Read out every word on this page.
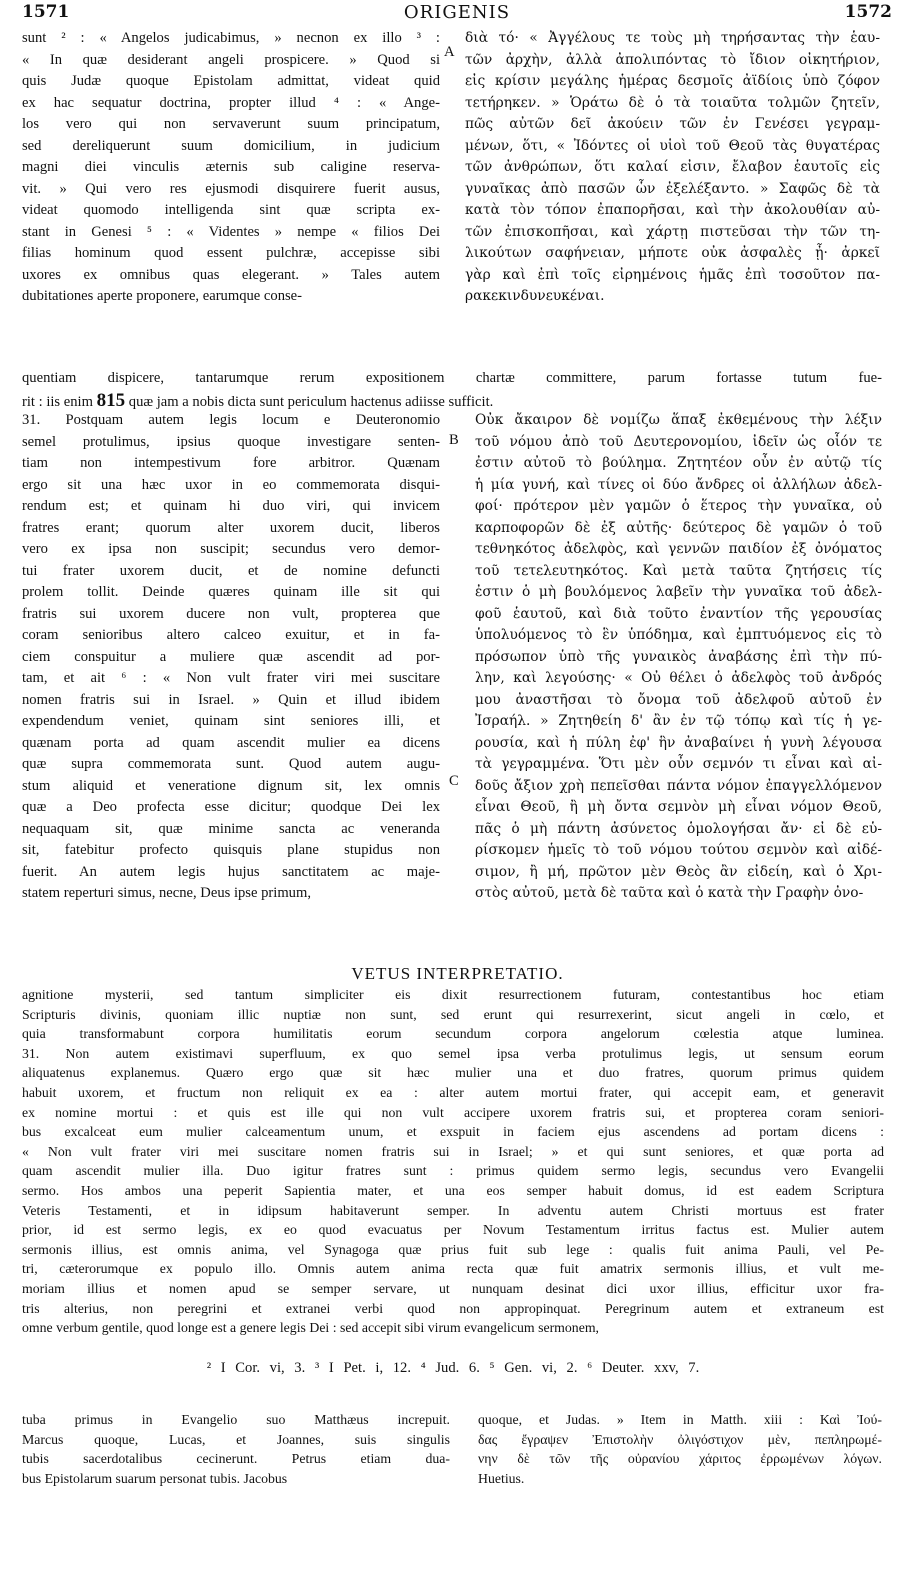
1571	ORIGENIS	1572
A
B
C
sunt ² : « Angelos judicabimus, » necnon ex illo ³ :
« In quæ desiderant angeli prospicere. » Quod si
quis Judæ quoque Epistolam admittat, videat quid
ex hac sequatur doctrina, propter illud ⁴ : « Ange-
los vero qui non servaverunt suum principatum,
sed dereliquerunt suum domicilium, in judicium
magni diei vinculis æternis sub caligine reserva-
vit. » Qui vero res ejusmodi disquirere fuerit ausus,
videat quomodo intelligenda sint quæ scripta ex-
stant in Genesi ⁵ : « Videntes » nempe « filios Dei
filias hominum quod essent pulchræ, accepisse sibi
uxores ex omnibus quas elegerant. » Tales autem
dubitationes aperte proponere, earumque conse-
διὰ τό· « Ἀγγέλους τε τοὺς μὴ τηρήσαντας τὴν ἑαυ-
τῶν ἀρχὴν, ἀλλὰ ἀπολιπόντας τὸ ἴδιον οἰκητήριον,
εἰς κρίσιν μεγάλης ἡμέρας δεσμοῖς ἀϊδίοις ὑπὸ ζόφον
τετήρηκεν. » Ὁράτω δὲ ὁ τὰ τοιαῦτα τολμῶν ζητεῖν,
πῶς αὐτῶν δεῖ ἀκούειν τῶν ἐν Γενέσει γεγραμ-
μένων, ὅτι, « Ἰδόντες οἱ υἱοὶ τοῦ Θεοῦ τὰς θυγατέρας
τῶν ἀνθρώπων, ὅτι καλαί εἰσιν, ἔλαβον ἑαυτοῖς εἰς
γυναῖκας ἀπὸ πασῶν ὧν ἐξελέξαντο. » Σαφῶς δὲ τὰ
κατὰ τὸν τόπον ἐπαπορῆσαι, καὶ τὴν ἀκολουθίαν αὐ-
τῶν ἐπισκοπῆσαι, καὶ χάρτῃ πιστεῦσαι τὴν τῶν τη-
λικούτων σαφήνειαν, μήποτε οὐκ ἀσφαλὲς ᾖ· ἀρκεῖ
γὰρ καὶ ἐπὶ τοῖς εἰρημένοις ἡμᾶς ἐπὶ τοσοῦτον πα-
ρακεκινδυνευκέναι.
quentiam dispicere, tantarumque rerum expositionem chartæ committere, parum fortasse tutum fue-
rit : iis enim 815 quæ jam a nobis dicta sunt periculum hactenus adiisse sufficit.
31. Postquam autem legis locum e Deuteronomio
semel protulimus, ipsius quoque investigare senten-
tiam non intempestivum fore arbitror. Quænam
ergo sit una hæc uxor in eo commemorata disqui-
rendum est; et quinam hi duo viri, qui invicem
fratres erant; quorum alter uxorem ducit, liberos
vero ex ipsa non suscipit; secundus vero demor-
tui frater uxorem ducit, et de nomine defuncti
prolem tollit. Deinde quæres quinam ille sit qui
fratris sui uxorem ducere non vult, propterea que
coram senioribus altero calceo exuitur, et in fa-
ciem conspuitur a muliere quæ ascendit ad por-
tam, et ait ⁶ : « Non vult frater viri mei suscitare
nomen fratris sui in Israel. » Quin et illud ibidem
expendendum veniet, quinam sint seniores illi, et
quænam porta ad quam ascendit mulier ea dicens
quæ supra commemorata sunt. Quod autem augu-
stum aliquid et veneratione dignum sit, lex omnis
quæ a Deo profecta esse dicitur; quodque Dei lex
nequaquam sit, quæ minime sancta ac veneranda
sit, fatebitur profecto quisquis plane stupidus non
fuerit. An autem legis hujus sanctitatem ac maje-
statem reperturi simus, necne, Deus ipse primum,
Οὐκ ἄκαιρον δὲ νομίζω ἅπαξ ἐκθεμένους τὴν λέξιν
τοῦ νόμου ἀπὸ τοῦ Δευτερονομίου, ἰδεῖν ὡς οἷόν τε
ἐστιν αὐτοῦ τὸ βούλημα. Ζητητέον οὖν ἐν αὐτῷ τίς
ἡ μία γυνή, καὶ τίνες οἱ δύο ἄνδρες οἱ ἀλλήλων ἀδελ-
φοί· πρότερον μὲν γαμῶν ὁ ἕτερος τὴν γυναῖκα, οὐ
καρποφορῶν δὲ ἐξ αὐτῆς· δεύτερος δὲ γαμῶν ὁ τοῦ
τεθνηκότος ἀδελφὸς, καὶ γεννῶν παιδίον ἐξ ὀνόματος
τοῦ τετελευτηκότος. Καὶ μετὰ ταῦτα ζητήσεις τίς
ἐστιν ὁ μὴ βουλόμενος λαβεῖν τὴν γυναῖκα τοῦ ἀδελ-
φοῦ ἑαυτοῦ, καὶ διὰ τοῦτο ἐναντίον τῆς γερουσίας
ὑπολυόμενος τὸ ἓν ὑπόδημα, καὶ ἐμπτυόμενος εἰς τὸ
πρόσωπον ὑπὸ τῆς γυναικὸς ἀναβάσης ἐπὶ τὴν πύ-
λην, καὶ λεγούσης· « Οὐ θέλει ὁ ἀδελφὸς τοῦ ἀνδρός
μου ἀναστῆσαι τὸ ὄνομα τοῦ ἀδελφοῦ αὐτοῦ ἐν
Ἰσραήλ. » Ζητηθείη δ' ἂν ἐν τῷ τόπῳ καὶ τίς ἡ γε-
ρουσία, καὶ ἡ πύλη ἐφ' ἣν ἀναβαίνει ἡ γυνὴ λέγουσα
τὰ γεγραμμένα. Ὅτι μὲν οὖν σεμνόν τι εἶναι καὶ αἰ-
δοῦς ἄξιον χρὴ πεπεῖσθαι πάντα νόμον ἐπαγγελλόμενον
εἶναι Θεοῦ, ἢ μὴ ὄντα σεμνὸν μὴ εἶναι νόμον Θεοῦ,
πᾶς ὁ μὴ πάντη ἀσύνετος ὁμολογήσαι ἄν· εἰ δὲ εὑ-
ρίσκομεν ἡμεῖς τὸ τοῦ νόμου τούτου σεμνὸν καὶ αἰδέ-
σιμον, ἢ μή, πρῶτον μὲν Θεὸς ἂν εἰδείη, καὶ ὁ Χρι-
στὸς αὐτοῦ, μετὰ δὲ ταῦτα καὶ ὁ κατὰ τὴν Γραφὴν ὀνο-
VETUS INTERPRETATIO.
agnitione mysterii, sed tantum simpliciter eis dixit resurrectionem futuram, contestantibus hoc etiam
Scripturis divinis, quoniam illic nuptiæ non sunt, sed erunt qui resurrexerint, sicut angeli in cœlo, et
quia transformabunt corpora humilitatis eorum secundum corpora angelorum cœlestia atque luminea.
31. Non autem existimavi superfluum, ex quo semel ipsa verba protulimus legis, ut sensum eorum
aliquatenus explanemus. Quæro ergo quæ sit hæc mulier una et duo fratres, quorum primus quidem
habuit uxorem, et fructum non reliquit ex ea : alter autem mortui frater, qui accepit eam, et generavit
ex nomine mortui : et quis est ille qui non vult accipere uxorem fratris sui, et propterea coram seniori-
bus excalceat eum mulier calceamentum unum, et exspuit in faciem ejus ascendens ad portam dicens :
« Non vult frater viri mei suscitare nomen fratris sui in Israel; » et qui sunt seniores, et quæ porta ad
quam ascendit mulier illa. Duo igitur fratres sunt : primus quidem sermo legis, secundus vero Evangelii
sermo. Hos ambos una peperit Sapientia mater, et una eos semper habuit domus, id est eadem Scriptura
Veteris Testamenti, et in idipsum habitaverunt semper. In adventu autem Christi mortuus est frater
prior, id est sermo legis, ex eo quod evacuatus per Novum Testamentum irritus factus est. Mulier autem
sermonis illius, est omnis anima, vel Synagoga quæ prius fuit sub lege : qualis fuit anima Pauli, vel Pe-
tri, cæterorumque ex populo illo. Omnis autem anima recta quæ fuit amatrix sermonis illius, et vult me-
moriam illius et nomen apud se semper servare, ut nunquam desinat dici uxor illius, efficitur uxor fra-
tris alterius, non peregrini et extranei verbi quod non appropinquat. Peregrinum autem et extraneum est
omne verbum gentile, quod longe est a genere legis Dei : sed accepit sibi virum evangelicum sermonem,
² I Cor. vi, 3. ³ I Pet. i, 12. ⁴ Jud. 6. ⁵ Gen. vi, 2. ⁶ Deuter. xxv, 7.
tuba primus in Evangelio suo Matthæus increpuit.
Marcus quoque, Lucas, et Joannes, suis singulis
tubis sacerdotalibus cecinerunt. Petrus etiam dua-
bus Epistolarum suarum personat tubis. Jacobus
quoque, et Judas. » Item in Matth. xiii : Καὶ Ἰού-
δας ἔγραψεν Ἐπιστολὴν ὀλιγόστιχον μὲν, πεπληρωμέ-
νην δὲ τῶν τῆς οὐρανίου χάριτος ἐρρωμένων λόγων.
Huetius.
